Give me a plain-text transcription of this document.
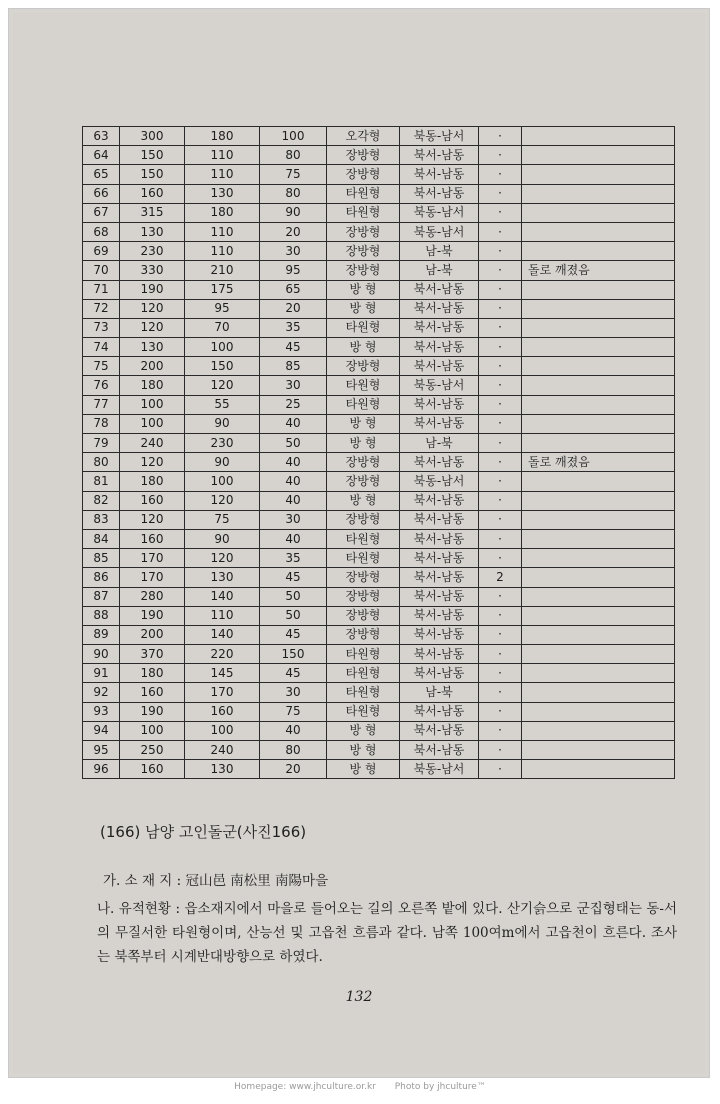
63	300	180	100	오각형	북동-남서	·	
64	150	110	80	장방형	북서-남동	·	
65	150	110	75	장방형	북서-남동	·	
66	160	130	80	타원형	북서-남동	·	
67	315	180	90	타원형	북동-남서	·	
68	130	110	20	장방형	북동-남서	·	
69	230	110	30	장방형	남-북	·	
70	330	210	95	장방형	남-북	·	돌로 깨졌음
71	190	175	65	방 형	북서-남동	·	
72	120	95	20	방 형	북서-남동	·	
73	120	70	35	타원형	북서-남동	·	
74	130	100	45	방 형	북서-남동	·	
75	200	150	85	장방형	북서-남동	·	
76	180	120	30	타원형	북동-남서	·	
77	100	55	25	타원형	북서-남동	·	
78	100	90	40	방 형	북서-남동	·	
79	240	230	50	방 형	남-북	·	
80	120	90	40	장방형	북서-남동	·	돌로 깨졌음
81	180	100	40	장방형	북동-남서	·	
82	160	120	40	방 형	북서-남동	·	
83	120	75	30	장방형	북서-남동	·	
84	160	90	40	타원형	북서-남동	·	
85	170	120	35	타원형	북서-남동	·	
86	170	130	45	장방형	북서-남동	2	
87	280	140	50	장방형	북서-남동	·	
88	190	110	50	장방형	북서-남동	·	
89	200	140	45	장방형	북서-남동	·	
90	370	220	150	타원형	북서-남동	·	
91	180	145	45	타원형	북서-남동	·	
92	160	170	30	타원형	남-북	·	
93	190	160	75	타원형	북서-남동	·	
94	100	100	40	방 형	북서-남동	·	
95	250	240	80	방 형	북서-남동	·	
96	160	130	20	방 형	북동-남서	·	
(166) 남양 고인돌군(사진166)
가. 소 재 지 : 冠山邑 南松里 南陽마을
나. 유적현황 : 읍소재지에서 마을로 들어오는 길의 오른쪽 밭에 있다. 산기슭으로 군집형태는 동-서의 무질서한 타원형이며, 산능선 및 고읍천 흐름과 같다. 남쪽 100여m에서 고읍천이 흐른다. 조사는 북쪽부터 시계반대방향으로 하였다.
132
Homepage: www.jhculture.or.kr Photo by jhculture™
